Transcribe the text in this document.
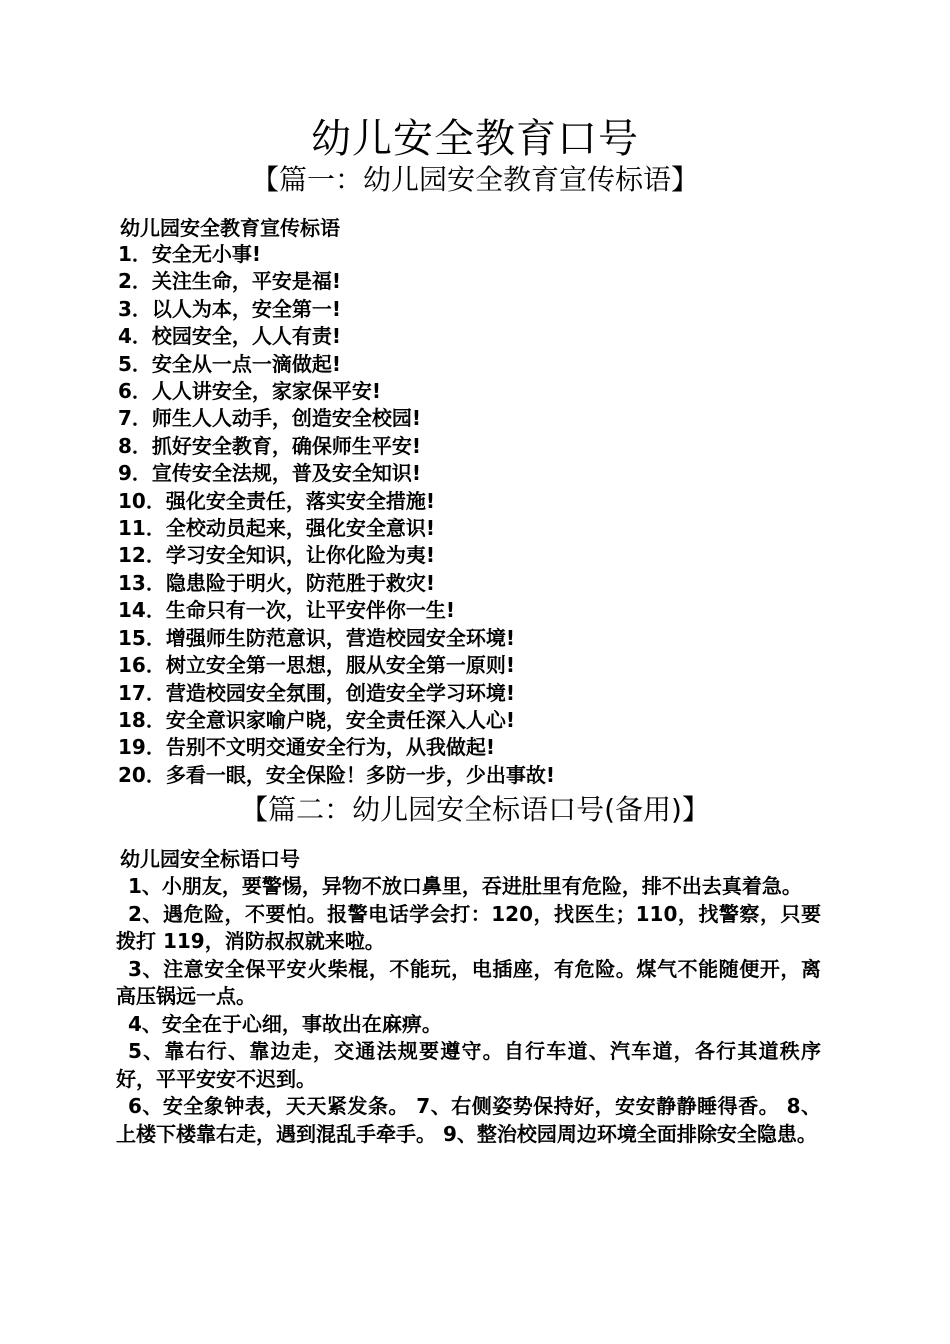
幼儿安全教育口号
【篇一：幼儿园安全教育宣传标语】
幼儿园安全教育宣传标语
1．安全无小事!
2．关注生命，平安是福!
3．以人为本，安全第一!
4．校园安全，人人有责!
5．安全从一点一滴做起!
6．人人讲安全，家家保平安!
7．师生人人动手，创造安全校园!
8．抓好安全教育，确保师生平安!
9．宣传安全法规，普及安全知识!
10．强化安全责任，落实安全措施!
11．全校动员起来，强化安全意识!
12．学习安全知识，让你化险为夷!
13．隐患险于明火，防范胜于救灾!
14．生命只有一次，让平安伴你一生!
15．增强师生防范意识，营造校园安全环境!
16．树立安全第一思想，服从安全第一原则!
17．营造校园安全氛围，创造安全学习环境!
18．安全意识家喻户晓，安全责任深入人心!
19．告别不文明交通安全行为，从我做起!
20．多看一眼，安全保险！多防一步，少出事故!
【篇二：幼儿园安全标语口号(备用)】
幼儿园安全标语口号

1、小朋友，要警惕，异物不放口鼻里，吞进肚里有危险，排不出去真着急。

2、遇危险，不要怕。报警电话学会打：120，找医生；110，找警察，只要拨打 119，消防叔叔就来啦。

3、注意安全保平安火柴棍，不能玩，电插座，有危险。煤气不能随便开，离高压锅远一点。

4、安全在于心细，事故出在麻痹。

5、靠右行、靠边走，交通法规要遵守。自行车道、汽车道，各行其道秩序好，平平安安不迟到。

6、安全象钟表，天天紧发条。 7、右侧姿势保持好，安安静静睡得香。 8、上楼下楼靠右走，遇到混乱手牵手。 9、整治校园周边环境全面排除安全隐患。
